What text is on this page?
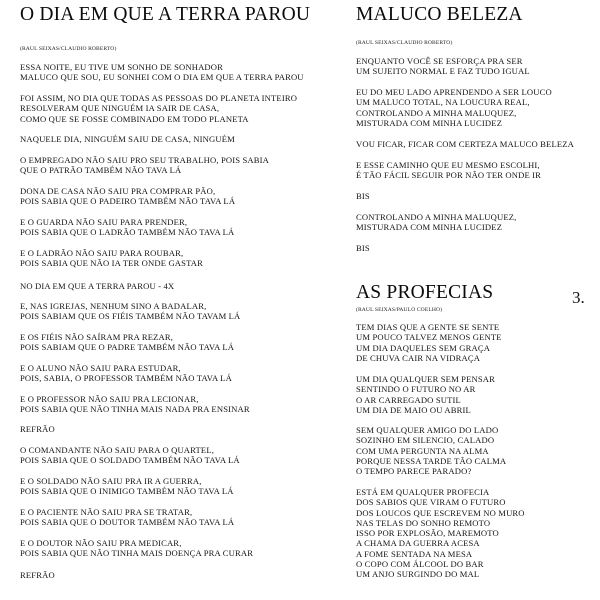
O DIA EM QUE A TERRA PAROU
(RAUL SEIXAS/CLAUDIO ROBERTO)
ESSA NOITE, EU TIVE UM SONHO DE SONHADOR
MALUCO QUE SOU, EU SONHEI COM O DIA EM QUE A TERRA PAROU
FOI ASSIM, NO DIA QUE TODAS AS PESSOAS DO PLANETA INTEIRO
RESOLVERAM QUE NINGUÉM IA SAIR DE CASA,
COMO QUE SE FOSSE COMBINADO EM TODO PLANETA
NAQUELE DIA, NINGUÉM SAIU DE CASA, NINGUÉM
O EMPREGADO NÃO SAIU PRO SEU TRABALHO, POIS SABIA
QUE O PATRÃO TAMBÉM NÃO TAVA LÁ
DONA DE CASA NÃO SAIU PRA COMPRAR PÃO,
POIS SABIA QUE O PADEIRO TAMBÉM NÃO TAVA LÁ
E O GUARDA NÃO SAIU PARA PRENDER,
POIS SABIA QUE O LADRÃO TAMBÉM NÃO TAVA LÁ
E O LADRÃO NÃO SAIU PARA ROUBAR,
POIS SABIA QUE NÃO IA TER ONDE GASTAR
NO DIA EM QUE A TERRA PAROU - 4X
E, NAS IGREJAS, NENHUM SINO A BADALAR,
POIS SABIAM QUE OS FIÉIS TAMBÉM NÃO TAVAM LÁ
E OS FIÉIS NÃO SAÍRAM PRA REZAR,
POIS SABIAM QUE O PADRE TAMBÉM NÃO TAVA LÁ
E O ALUNO NÃO SAIU PARA ESTUDAR,
POIS, SABIA, O PROFESSOR TAMBÉM NÃO TAVA LÁ
E O PROFESSOR NÃO SAIU PRA LECIONAR,
POIS SABIA QUE NÃO TINHA MAIS NADA PRA ENSINAR
REFRÃO
O COMANDANTE NÃO SAIU PARA O QUARTEL,
POIS SABIA QUE O SOLDADO TAMBÉM NÃO TAVA LÁ
E O SOLDADO NÃO SAIU PRA IR A GUERRA,
POIS SABIA QUE O INIMIGO TAMBÉM NÃO TAVA LÁ
E O PACIENTE NÃO SAIU PRA SE TRATAR,
POIS SABIA QUE O DOUTOR TAMBÉM NÃO TAVA LÁ
E O DOUTOR NÃO SAIU PRA MEDICAR,
POIS SABIA QUE NÃO TINHA MAIS DOENÇA PRA CURAR
REFRÃO
MALUCO BELEZA
(RAUL SEIXAS/CLAUDIO ROBERTO)
ENQUANTO VOCÊ SE ESFORÇA PRA SER
UM SUJEITO NORMAL E FAZ TUDO IGUAL
EU DO MEU LADO APRENDENDO A SER LOUCO
UM MALUCO TOTAL, NA LOUCURA REAL,
CONTROLANDO A MINHA MALUQUEZ,
MISTURADA COM MINHA LUCIDEZ
VOU FICAR, FICAR COM CERTEZA MALUCO BELEZA
E ESSE CAMINHO QUE EU MESMO ESCOLHI,
É TÃO FÁCIL SEGUIR POR NÃO TER ONDE IR
BIS
CONTROLANDO A MINHA MALUQUEZ,
MISTURADA COM MINHA LUCIDEZ
BIS
AS PROFECIAS
(RAUL SEIXAS/PAULO COELHO)
TEM DIAS QUE A GENTE SE SENTE
UM POUCO TALVEZ MENOS GENTE
UM DIA DAQUELES SEM GRAÇA
DE CHUVA CAIR NA VIDRAÇA
UM DIA QUALQUER SEM PENSAR
SENTINDO O FUTURO NO AR
O AR CARREGADO SUTIL
UM DIA DE MAIO OU ABRIL
SEM QUALQUER AMIGO DO LADO
SOZINHO EM SILENCIO, CALADO
COM UMA PERGUNTA NA ALMA
PORQUE NESSA TARDE TÃO CALMA
O TEMPO PARECE PARADO?
ESTÁ EM QUALQUER PROFECIA
DOS SABIOS QUE VIRAM O FUTURO
DOS LOUCOS QUE ESCREVEM NO MURO
NAS TELAS DO SONHO REMOTO
ISSO POR EXPLOSÃO, MAREMOTO
A CHAMA DA GUERRA ACESA
A FOME SENTADA NA MESA
O COPO COM ÁLCOOL DO BAR
UM ANJO SURGINDO DO MAL
3.
